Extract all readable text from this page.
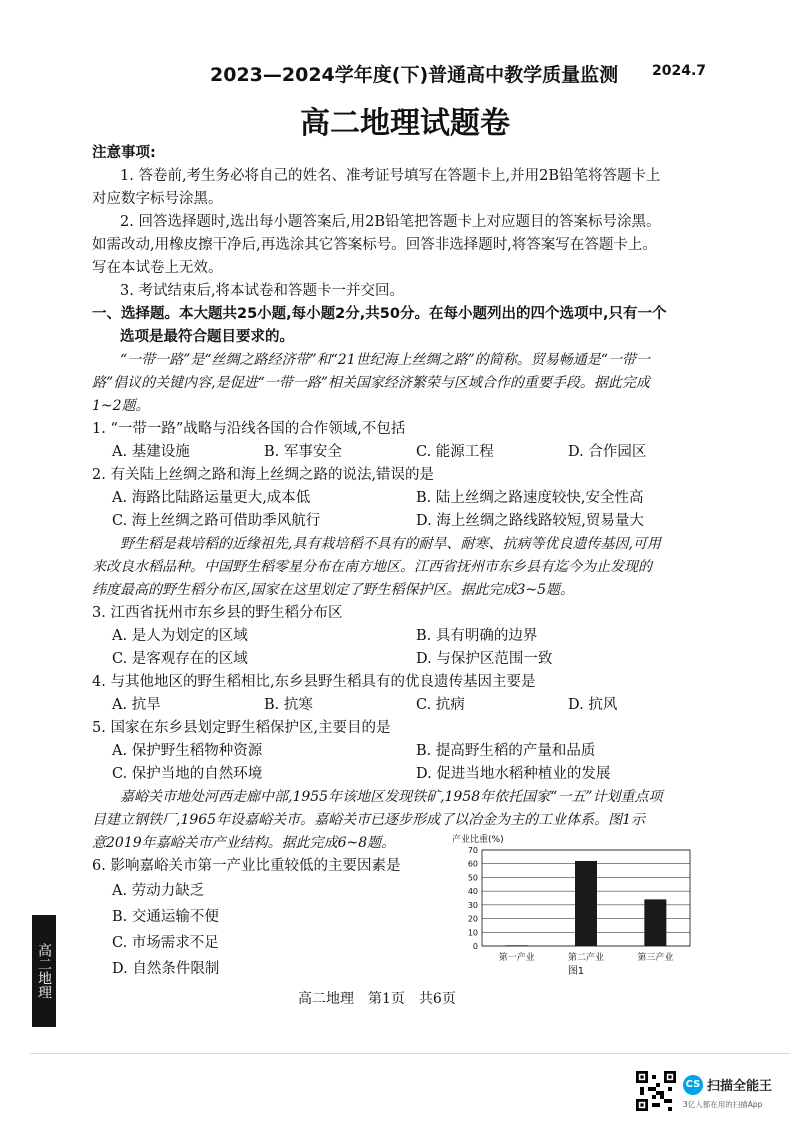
2023—2024学年度(下)普通高中教学质量监测 2024.7
高二地理试题卷
注意事项:
1. 答卷前,考生务必将自己的姓名、准考证号填写在答题卡上,并用2B铅笔将答题卡上
对应数字标号涂黑。
2. 回答选择题时,选出每小题答案后,用2B铅笔把答题卡上对应题目的答案标号涂黑。
如需改动,用橡皮擦干净后,再选涂其它答案标号。回答非选择题时,将答案写在答题卡上。
写在本试卷上无效。
3. 考试结束后,将本试卷和答题卡一并交回。
一、选择题。本大题共25小题,每小题2分,共50分。在每小题列出的四个选项中,只有一个
选项是最符合题目要求的。
“一带一路”是“丝绸之路经济带”和“21世纪海上丝绸之路”的简称。贸易畅通是“一带一
路”倡议的关键内容,是促进“一带一路”相关国家经济繁荣与区域合作的重要手段。据此完成
1~2题。
1. “一带一路”战略与沿线各国的合作领域,不包括
A. 基建设施	B. 军事安全	C. 能源工程	D. 合作园区
2. 有关陆上丝绸之路和海上丝绸之路的说法,错误的是
A. 海路比陆路运量更大,成本低	B. 陆上丝绸之路速度较快,安全性高
C. 海上丝绸之路可借助季风航行	D. 海上丝绸之路线路较短,贸易量大
野生稻是栽培稻的近缘祖先,具有栽培稻不具有的耐旱、耐寒、抗病等优良遗传基因,可用
来改良水稻品种。中国野生稻零星分布在南方地区。江西省抚州市东乡县有迄今为止发现的
纬度最高的野生稻分布区,国家在这里划定了野生稻保护区。据此完成3~5题。
3. 江西省抚州市东乡县的野生稻分布区
A. 是人为划定的区域	B. 具有明确的边界
C. 是客观存在的区域	D. 与保护区范围一致
4. 与其他地区的野生稻相比,东乡县野生稻具有的优良遗传基因主要是
A. 抗旱	B. 抗寒	C. 抗病	D. 抗风
5. 国家在东乡县划定野生稻保护区,主要目的是
A. 保护野生稻物种资源	B. 提高野生稻的产量和品质
C. 保护当地的自然环境	D. 促进当地水稻种植业的发展
嘉峪关市地处河西走廊中部,1955年该地区发现铁矿,1958年依托国家“一五”计划重点项
目建立钢铁厂,1965年设嘉峪关市。嘉峪关市已逐步形成了以冶金为主的工业体系。图1示
意2019年嘉峪关市产业结构。据此完成6~8题。
6. 影响嘉峪关市第一产业比重较低的主要因素是
A. 劳动力缺乏
B. 交通运输不便
C. 市场需求不足
D. 自然条件限制
产业比重(%)
0
10
20
30
40
50
60
70
第一产业	第二产业	第三产业
图1
高二地理	高二地理　第1页　共6页
CS 扫描全能王
3亿人都在用的扫描App
